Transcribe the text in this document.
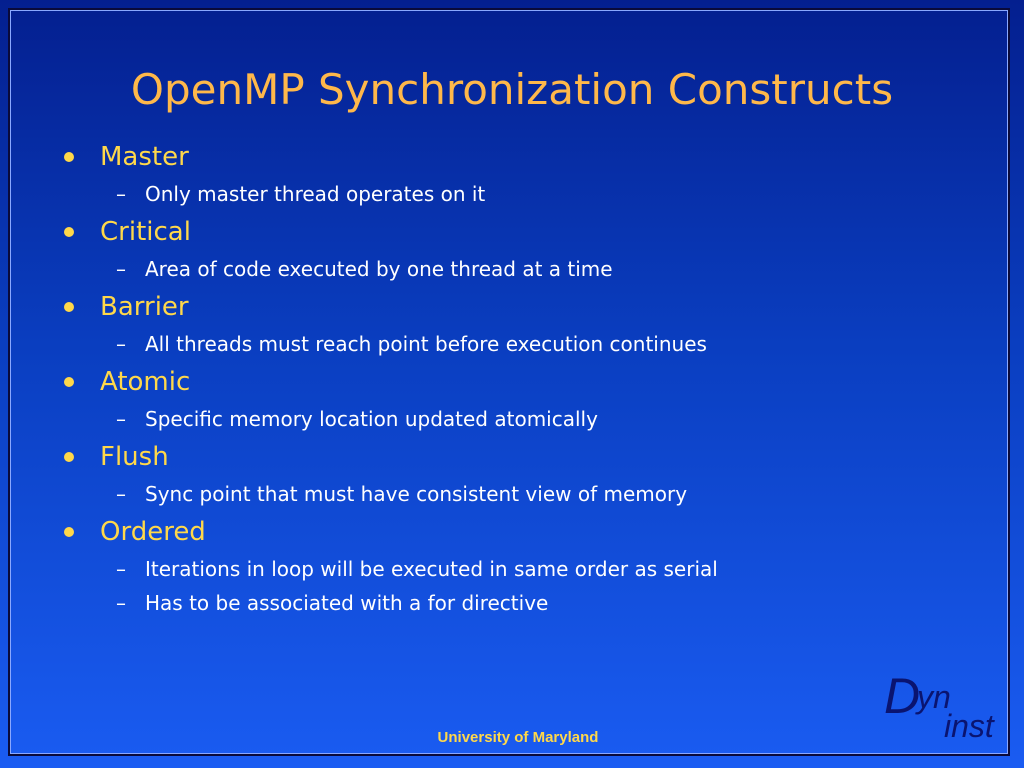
OpenMP Synchronization Constructs
Master
– Only master thread operates on it
Critical
– Area of code executed by one thread at a time
Barrier
– All threads must reach point before execution continues
Atomic
– Specific memory location updated atomically
Flush
– Sync point that must have consistent view of memory
Ordered
– Iterations in loop will be executed in same order as serial
– Has to be associated with a for directive
University of Maryland
D
yn
inst
